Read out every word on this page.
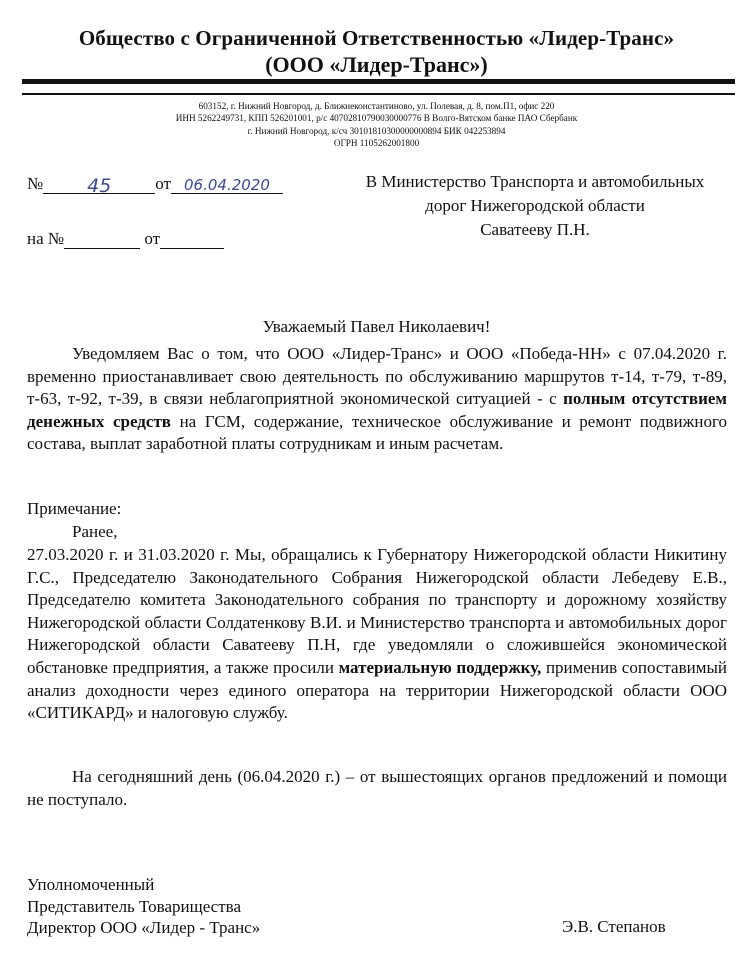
Общество с Ограниченной Ответственностью «Лидер-Транс»
(ООО «Лидер-Транс»)
603152, г. Нижний Новгород, д. Ближнеконстантиново, ул. Полевая, д. 8, пом.П1, офис 220
ИНН 5262249731, КПП 526201001, р/с 40702810790030000776 В Волго-Вятском банке ПАО Сбербанк
г. Нижний Новгород, к/сч 30101810300000000894 БИК 042253894
ОГРН 1105262001800
№ 45	от 06.04.2020
на №	от
В Министерство Транспорта и автомобильных
дорог Нижегородской области
Саватееву П.Н.
Уважаемый Павел Николаевич!
Уведомляем Вас о том, что ООО «Лидер-Транс» и ООО «Победа-НН» с 07.04.2020 г. временно приостанавливает свою деятельность по обслуживанию маршрутов т-14, т-79, т-89, т-63, т-92, т-39, в связи неблагоприятной экономической ситуацией - с полным отсутствием денежных средств на ГСМ, содержание, техническое обслуживание и ремонт подвижного состава, выплат заработной платы сотрудникам и иным расчетам.
Примечание:
Ранее,
27.03.2020 г. и 31.03.2020 г. Мы, обращались к Губернатору Нижегородской области Никитину Г.С., Председателю Законодательного Собрания Нижегородской области Лебедеву Е.В., Председателю комитета Законодательного собрания по транспорту и дорожному хозяйству Нижегородской области Солдатенкову В.И. и Министерство транспорта и автомобильных дорог Нижегородской области Саватееву П.Н, где уведомляли о сложившейся экономической обстановке предприятия, а также просили материальную поддержку, применив сопоставимый анализ доходности через единого оператора на территории Нижегородской области ООО «СИТИКАРД» и налоговую службу.
На сегодняшний день (06.04.2020 г.) – от вышестоящих органов предложений и помощи не поступало.
Уполномоченный
Представитель Товарищества
Директор ООО «Лидер - Транс»	Э.В. Степанов
